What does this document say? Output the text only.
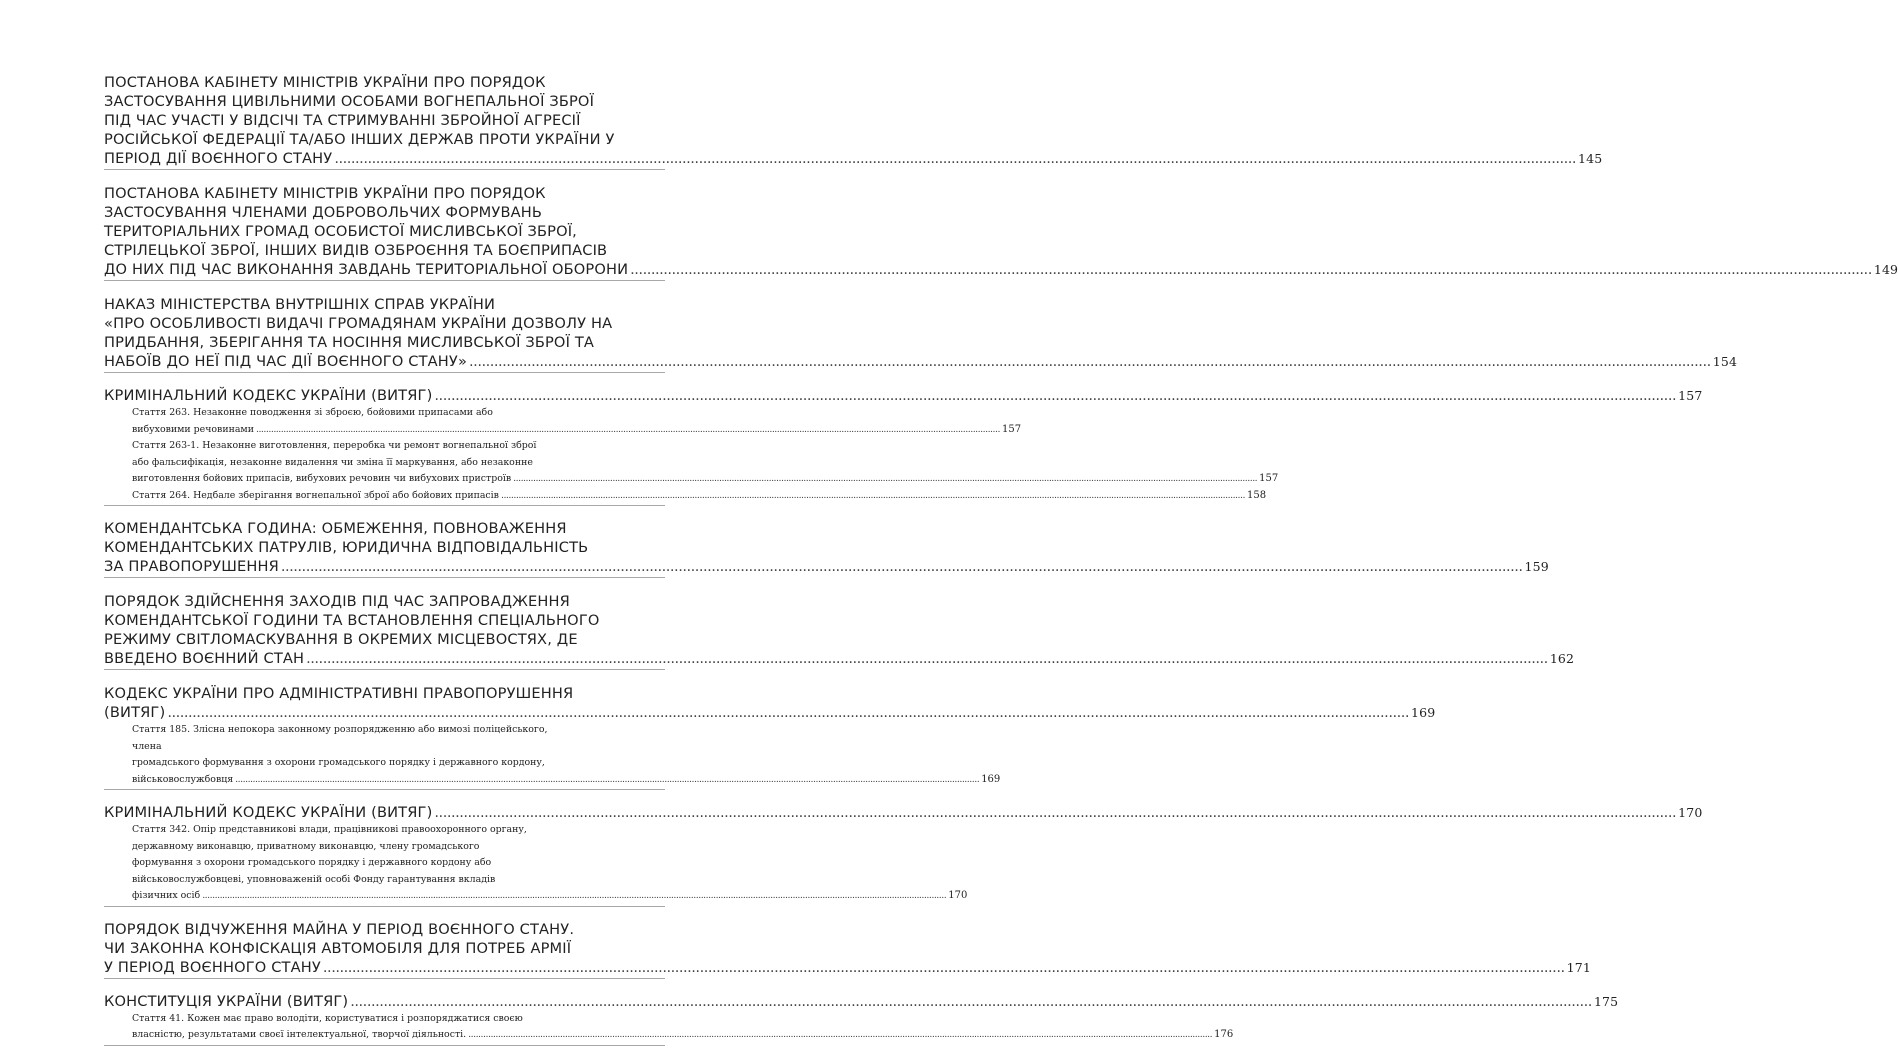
ПОСТАНОВА КАБІНЕТУ МІНІСТРІВ УКРАЇНИ ПРО ПОРЯДОК
ЗАСТОСУВАННЯ ЦИВІЛЬНИМИ ОСОБАМИ ВОГНЕПАЛЬНОЇ ЗБРОЇ
ПІД ЧАС УЧАСТІ У ВІДСІЧІ ТА СТРИМУВАННІ ЗБРОЙНОЇ АГРЕСІЇ
РОСІЙСЬКОЇ ФЕДЕРАЦІЇ ТА/АБО ІНШИХ ДЕРЖАВ ПРОТИ УКРАЇНИ У
ПЕРІОД ДІЇ ВОЄННОГО СТАНУ ............................................................................................................................................................................................................................................................................................................ 145
ПОСТАНОВА КАБІНЕТУ МІНІСТРІВ УКРАЇНИ ПРО ПОРЯДОК
ЗАСТОСУВАННЯ ЧЛЕНАМИ ДОБРОВОЛЬЧИХ ФОРМУВАНЬ
ТЕРИТОРІАЛЬНИХ ГРОМАД ОСОБИСТОЇ МИСЛИВСЬКОЇ ЗБРОЇ,
СТРІЛЕЦЬКОЇ ЗБРОЇ, ІНШИХ ВИДІВ ОЗБРОЄННЯ ТА БОЄПРИПАСІВ
ДО НИХ ПІД ЧАС ВИКОНАННЯ ЗАВДАНЬ ТЕРИТОРІАЛЬНОЇ ОБОРОНИ ............................................................................................................................................................................................................................................................................................................ 149
НАКАЗ МІНІСТЕРСТВА ВНУТРІШНІХ СПРАВ УКРАЇНИ
«ПРО ОСОБЛИВОСТІ ВИДАЧІ ГРОМАДЯНАМ УКРАЇНИ ДОЗВОЛУ НА
ПРИДБАННЯ, ЗБЕРІГАННЯ ТА НОСІННЯ МИСЛИВСЬКОЇ ЗБРОЇ ТА
НАБОЇВ ДО НЕЇ ПІД ЧАС ДІЇ ВОЄННОГО СТАНУ» ............................................................................................................................................................................................................................................................................................................ 154
КРИМІНАЛЬНИЙ КОДЕКС УКРАЇНИ (ВИТЯГ) ............................................................................................................................................................................................................................................................................................................ 157
Стаття 263. Незаконне поводження зі зброєю, бойовими припасами або
вибуховими речовинами ............................................................................................................................................................................................................................................................................................................ 157
Стаття 263-1. Незаконне виготовлення, переробка чи ремонт вогнепальної зброї
або фальсифікація, незаконне видалення чи зміна її маркування, або незаконне
виготовлення бойових припасів, вибухових речовин чи вибухових пристроїв ............................................................................................................................................................................................................................................................................................................ 157
Стаття 264. Недбале зберігання вогнепальної зброї або бойових припасів ............................................................................................................................................................................................................................................................................................................ 158
КОМЕНДАНТСЬКА ГОДИНА: ОБМЕЖЕННЯ, ПОВНОВАЖЕННЯ
КОМЕНДАНТСЬКИХ ПАТРУЛІВ, ЮРИДИЧНА ВІДПОВІДАЛЬНІСТЬ
ЗА ПРАВОПОРУШЕННЯ ............................................................................................................................................................................................................................................................................................................ 159
ПОРЯДОК ЗДІЙСНЕННЯ ЗАХОДІВ ПІД ЧАС ЗАПРОВАДЖЕННЯ
КОМЕНДАНТСЬКОЇ ГОДИНИ ТА ВСТАНОВЛЕННЯ СПЕЦІАЛЬНОГО
РЕЖИМУ СВІТЛОМАСКУВАННЯ В ОКРЕМИХ МІСЦЕВОСТЯХ, ДЕ
ВВЕДЕНО ВОЄННИЙ СТАН ............................................................................................................................................................................................................................................................................................................ 162
КОДЕКС УКРАЇНИ ПРО АДМІНІСТРАТИВНІ ПРАВОПОРУШЕННЯ
(ВИТЯГ) ............................................................................................................................................................................................................................................................................................................ 169
Стаття 185. Злісна непокора законному розпорядженню або вимозі поліцейського,
члена
громадського формування з охорони громадського порядку і державного кордону,
військовослужбовця ............................................................................................................................................................................................................................................................................................................ 169
КРИМІНАЛЬНИЙ КОДЕКС УКРАЇНИ (ВИТЯГ) ............................................................................................................................................................................................................................................................................................................ 170
Стаття 342. Опір представникові влади, працівникові правоохоронного органу,
державному виконавцю, приватному виконавцю, члену громадського
формування з охорони громадського порядку і державного кордону або
військовослужбовцеві, уповноваженій особі Фонду гарантування вкладів
фізичних осіб ............................................................................................................................................................................................................................................................................................................ 170
ПОРЯДОК ВІДЧУЖЕННЯ МАЙНА У ПЕРІОД ВОЄННОГО СТАНУ.
ЧИ ЗАКОННА КОНФІСКАЦІЯ АВТОМОБІЛЯ ДЛЯ ПОТРЕБ АРМІЇ
У ПЕРІОД ВОЄННОГО СТАНУ ............................................................................................................................................................................................................................................................................................................ 171
КОНСТИТУЦІЯ УКРАЇНИ (ВИТЯГ) ............................................................................................................................................................................................................................................................................................................ 175
Стаття 41. Кожен має право володіти, користуватися і розпоряджатися своєю
власністю, результатами своєї інтелектуальної, творчої діяльності. ............................................................................................................................................................................................................................................................................................................ 176
